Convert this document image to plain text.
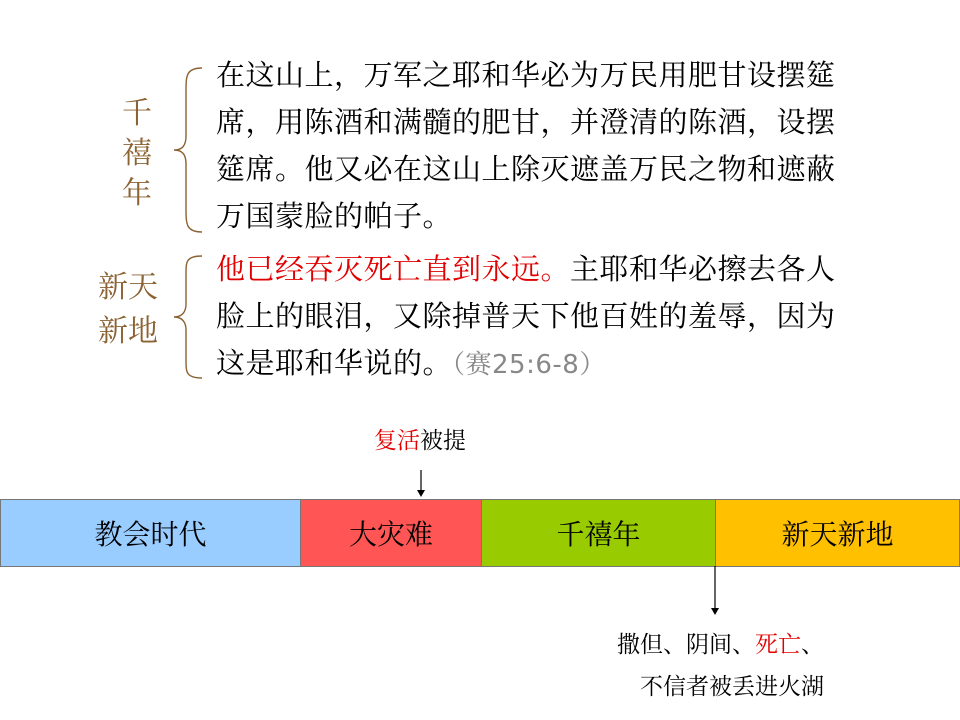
千
禧
年
新天
新地
在这山上，万军之耶和华必为万民用肥甘设摆筵席，用陈酒和满髓的肥甘，并澄清的陈酒，设摆筵席。他又必在这山上除灭遮盖万民之物和遮蔽万国蒙脸的帕子。
他已经吞灭死亡直到永远。主耶和华必擦去各人脸上的眼泪，又除掉普天下他百姓的羞辱，因为这是耶和华说的。（赛25:6-8）
复活被提
教会时代	大灾难	千禧年	新天新地
撒但、阴间、死亡、
不信者被丢进火湖
